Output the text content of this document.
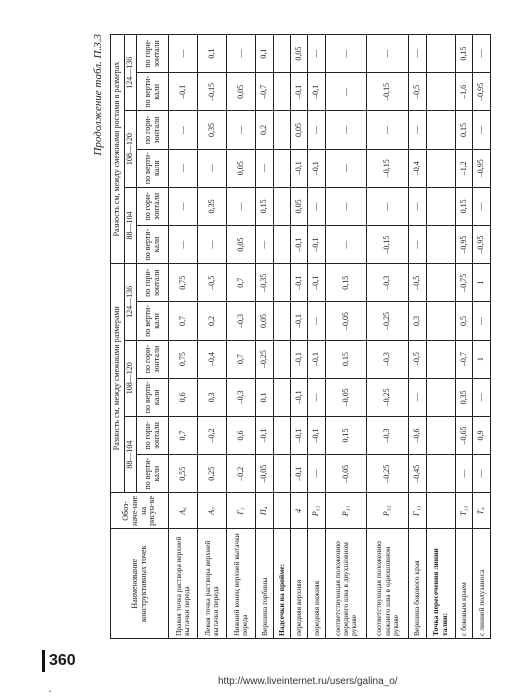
Продолжение табл. П.3.3
Наименование конструктивных точек	Обоз-наче-ние на рисун-ке	Разность см, между смежными размерами						Разность см, между смежными ростами в размерах					
		88—104		108—120		124—136		88—104		108—120		124—136	
		по верти-кали	по гори-зонтали	по верти-кали	по гори-зонтали	по верти-кали	по гори-зонтали	по верти-кали	по гори-зонтали	по верти-кали	по гори-зонтали	по верти-кали	по гори-зонтали
Правая точка раствора верхней вытачки переда	A₆	0,55	0,7	0,6	0,75	0,7	0,75	—	—	—	—	–0,1	—
Левая точка раствора верхней вытачки переда	A₇	0,25	–0,2	0,3	–0,4	0,2	–0,5	—	0,35	—	0,35	–0,15	0,1
Нижний конец верхней вытачки переда	Г₇	–0,2	0,6	–0,3	0,7	–0,3	0,7	0,05	—	0,05	—	0,05	—
Вершина горбины	П₄	–0,05	–0,1	0,1	–0,25	0,05	–0,35	—	0,15	—	0,2	–0,7	0,1
Надсечки на пройме:													
передняя верхняя	4	–0,1	–0,1	–0,1	–0,1	–0,1	–0,1	–0,1	0,05	–0,1	0,05	–0,1	0,05
передняя нижняя	P₅₁	—	–0,1	—	–0,1	—	–0,1	–0,1	—	–0,1	—	–0,1	—
соответствующая положению переднего шва в двухшовном рукаве	P₃₁	–0,05	0,15	–0,05	0,15	–0,05	0,15	—	—	—	—	—	—
соответствующая положению нижнего шва в одношовном рукаве	P₃₂	–0,25	–0,3	–0,25	–0,3	–0,25	–0,3	–0,15	—	–0,15	—	–0,15	—
Вершина бокового края	Г₁₃	–0,45	–0,6	—	–0,5	0,3	–0,5	—	—	–0,4	—	–0,5	—
Точка пересечения линии талии:													
с боковым краем	T₁₂	—	–0,65	0,35	–0,7	0,5	–0,75	–0,95	0,15	–1,2	0,15	–1,6	0,15
с линией полузаноса	T₄	—	0,9	—	1	—	1	–0,95	—	–0,95	—	–0,95	—
360
·
http://www.liveinternet.ru/users/galina_o/
